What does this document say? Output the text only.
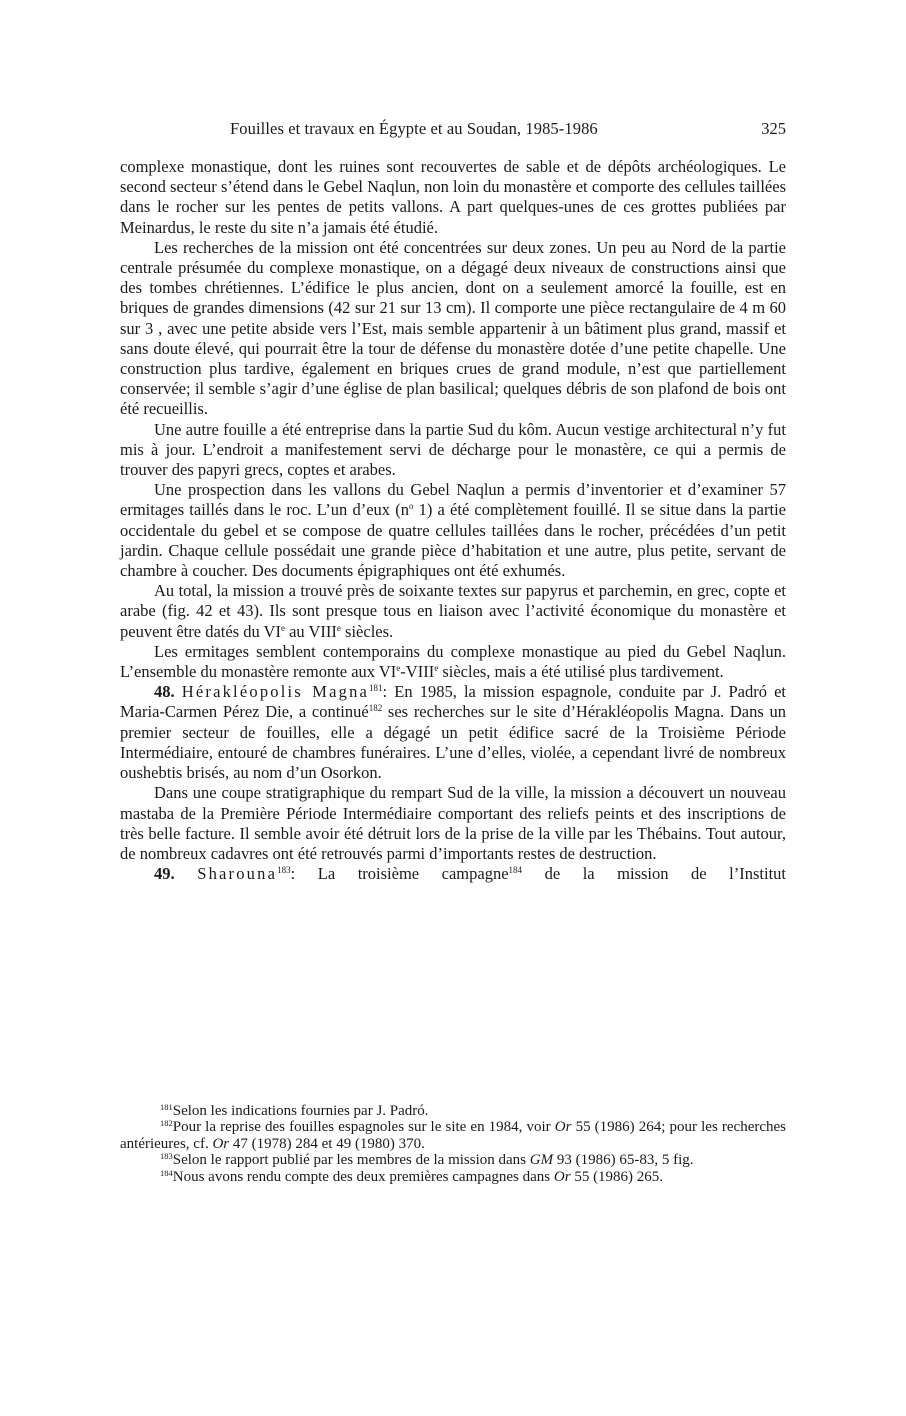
Fouilles et travaux en Égypte et au Soudan, 1985-1986	325

complexe monastique, dont les ruines sont recouvertes de sable et de dépôts archéologiques. Le second secteur s’étend dans le Gebel Naqlun, non loin du monastère et comporte des cellules taillées dans le rocher sur les pentes de petits vallons. A part quelques-unes de ces grottes publiées par Meinardus, le reste du site n’a jamais été étudié.

Les recherches de la mission ont été concentrées sur deux zones. Un peu au Nord de la partie centrale présumée du complexe monastique, on a dégagé deux niveaux de constructions ainsi que des tombes chrétiennes. L’édifice le plus ancien, dont on a seulement amorcé la fouille, est en briques de grandes dimensions (42 sur 21 sur 13 cm). Il comporte une pièce rectangulaire de 4 m 60 sur 3 , avec une petite abside vers l’Est, mais semble appartenir à un bâtiment plus grand, massif et sans doute élevé, qui pourrait être la tour de défense du monastère dotée d’une petite chapelle. Une construction plus tardive, également en briques crues de grand module, n’est que partiellement conservée; il semble s’agir d’une église de plan basilical; quelques débris de son plafond de bois ont été recueillis.

Une autre fouille a été entreprise dans la partie Sud du kôm. Aucun vestige architectural n’y fut mis à jour. L’endroit a manifestement servi de décharge pour le monastère, ce qui a permis de trouver des papyri grecs, coptes et arabes.

Une prospection dans les vallons du Gebel Naqlun a permis d’inventorier et d’examiner 57 ermitages taillés dans le roc. L’un d’eux ($n^o$ 1) a été complètement fouillé. Il se situe dans la partie occidentale du gebel et se compose de quatre cellules taillées dans le rocher, précédées d’un petit jardin. Chaque cellule possédait une grande pièce d’habitation et une autre, plus petite, servant de chambre à coucher. Des documents épigraphiques ont été exhumés.

Au total, la mission a trouvé près de soixante textes sur papyrus et parchemin, en grec, copte et arabe (fig. 42 et 43). Ils sont presque tous en liaison avec l’activité économique du monastère et peuvent être datés du VIe au VIIIe siècles.

Les ermitages semblent contemporains du complexe monastique au pied du Gebel Naqlun. L’ensemble du monastère remonte aux VIe-VIIIe siècles, mais a été utilisé plus tardivement.

48. Hérakléopolis Magna$^{181}$: En 1985, la mission espagnole, conduite par J. Padró et Maria-Carmen Pérez Die, a continué$^{182}$ ses recherches sur le site d’Hérakléopolis Magna. Dans un premier secteur de fouilles, elle a dégagé un petit édifice sacré de la Troisième Période Intermédiaire, entouré de chambres funéraires. L’une d’elles, violée, a cependant livré de nombreux oushebtis brisés, au nom d’un Osorkon.

Dans une coupe stratigraphique du rempart Sud de la ville, la mission a découvert un nouveau mastaba de la Première Période Intermédiaire comportant des reliefs peints et des inscriptions de très belle facture. Il semble avoir été détruit lors de la prise de la ville par les Thébains. Tout autour, de nombreux cadavres ont été retrouvés parmi d’importants restes de destruction.

49. Sharouna$^{183}$: La troisième campagne$^{184}$ de la mission de l’Institut

$^{181}$Selon les indications fournies par J. Padró.

$^{182}$Pour la reprise des fouilles espagnoles sur le site en 1984, voir Or 55 (1986) 264; pour les recherches antérieures, cf. Or 47 (1978) 284 et 49 (1980) 370.

$^{183}$Selon le rapport publié par les membres de la mission dans GM 93 (1986) 65-83, 5 fig.

$^{184}$Nous avons rendu compte des deux premières campagnes dans Or 55 (1986) 265.
